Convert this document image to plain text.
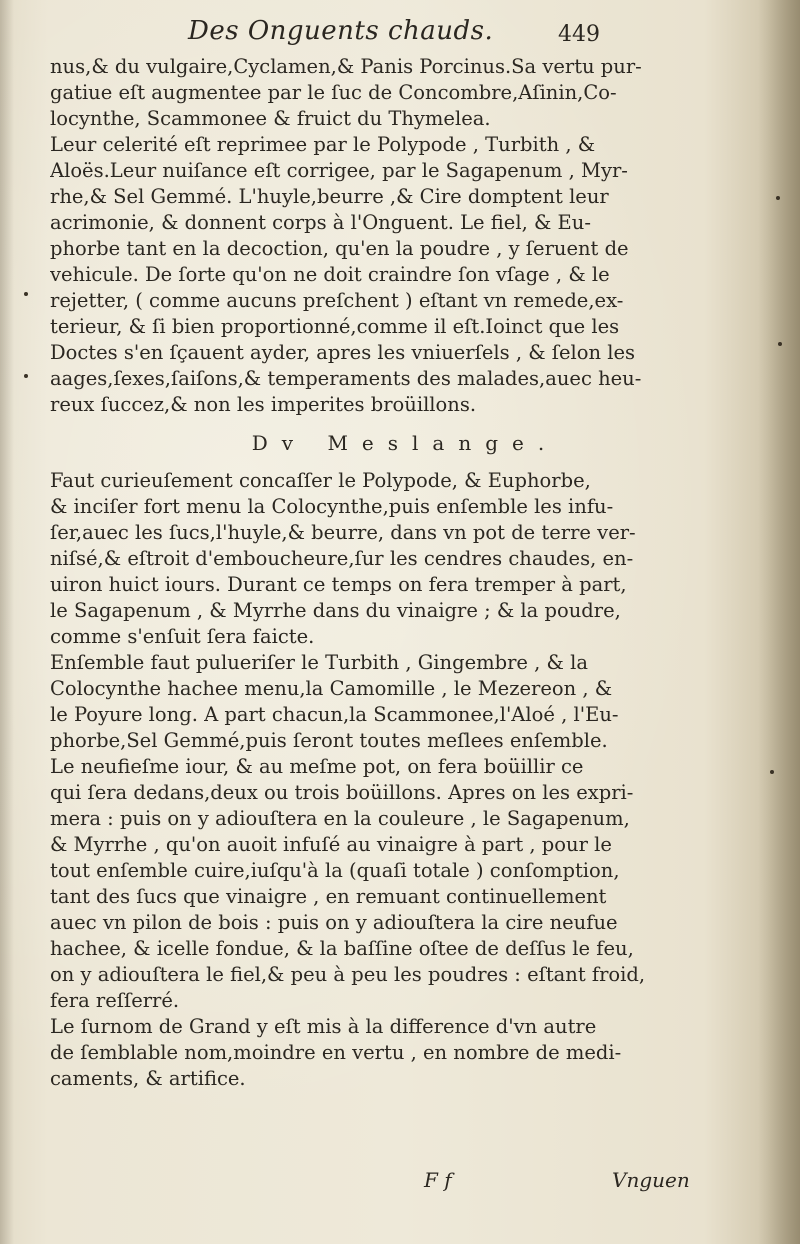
Des Onguents chauds.	449
nus,& du vulgaire,Cyclamen,& Panis Porcinus.Sa vertu pur-
gatiue eſt augmentee par le ſuc de Concombre,Aſinin,Co-
locynthe, Scammonee & fruict du Thymelea.
Leur celerité eſt reprimee par le Polypode , Turbith , &
Aloës.Leur nuiſance eſt corrigee, par le Sagapenum , Myr-
rhe,& Sel Gemmé. L'huyle,beurre ,& Cire domptent leur
acrimonie, & donnent corps à l'Onguent. Le fiel, & Eu-
phorbe tant en la decoction, qu'en la poudre , y ſeruent de
vehicule. De ſorte qu'on ne doit craindre ſon vſage , & le
rejetter, ( comme aucuns preſchent ) eſtant vn remede,ex-
terieur, & ſi bien proportionné,comme il eſt.Ioinct que les
Doctes s'en ſçauent ayder, apres les vniuerſels , & ſelon les
aages,ſexes,ſaiſons,& temperaments des malades,auec heu-
reux ſuccez,& non les imperites broüillons.
Dv Meslange.
Faut curieuſement concaſſer le Polypode, & Euphorbe,
& inciſer fort menu la Colocynthe,puis enſemble les infu-
ſer,auec les ſucs,l'huyle,& beurre, dans vn pot de terre ver-
niſsé,& eſtroit d'emboucheure,ſur les cendres chaudes, en-
uiron huict iours. Durant ce temps on fera tremper à part,
le Sagapenum , & Myrrhe dans du vinaigre ; & la poudre,
comme s'enſuit ſera faicte.
Enſemble faut pulueriſer le Turbith , Gingembre , & la
Colocynthe hachee menu,la Camomille , le Mezereon , &
le Poyure long. A part chacun,la Scammonee,l'Aloé , l'Eu-
phorbe,Sel Gemmé,puis ſeront toutes meſlees enſemble.
Le neufieſme iour, & au meſme pot, on fera boüillir ce
qui ſera dedans,deux ou trois boüillons. Apres on les expri-
mera : puis on y adiouſtera en la couleure , le Sagapenum,
& Myrrhe , qu'on auoit infuſé au vinaigre à part , pour le
tout enſemble cuire,iuſqu'à la (quaſi totale ) conſomption,
tant des ſucs que vinaigre , en remuant continuellement
auec vn pilon de bois : puis on y adiouſtera la cire neufue
hachee, & icelle fondue, & la baſſine oſtee de deſſus le feu,
on y adiouſtera le fiel,& peu à peu les poudres : eſtant froid,
fera reſſerré.
Le ſurnom de Grand y eſt mis à la difference d'vn autre
de ſemblable nom,moindre en vertu , en nombre de medi-
caments, & artifice.
F f	Vnguen
